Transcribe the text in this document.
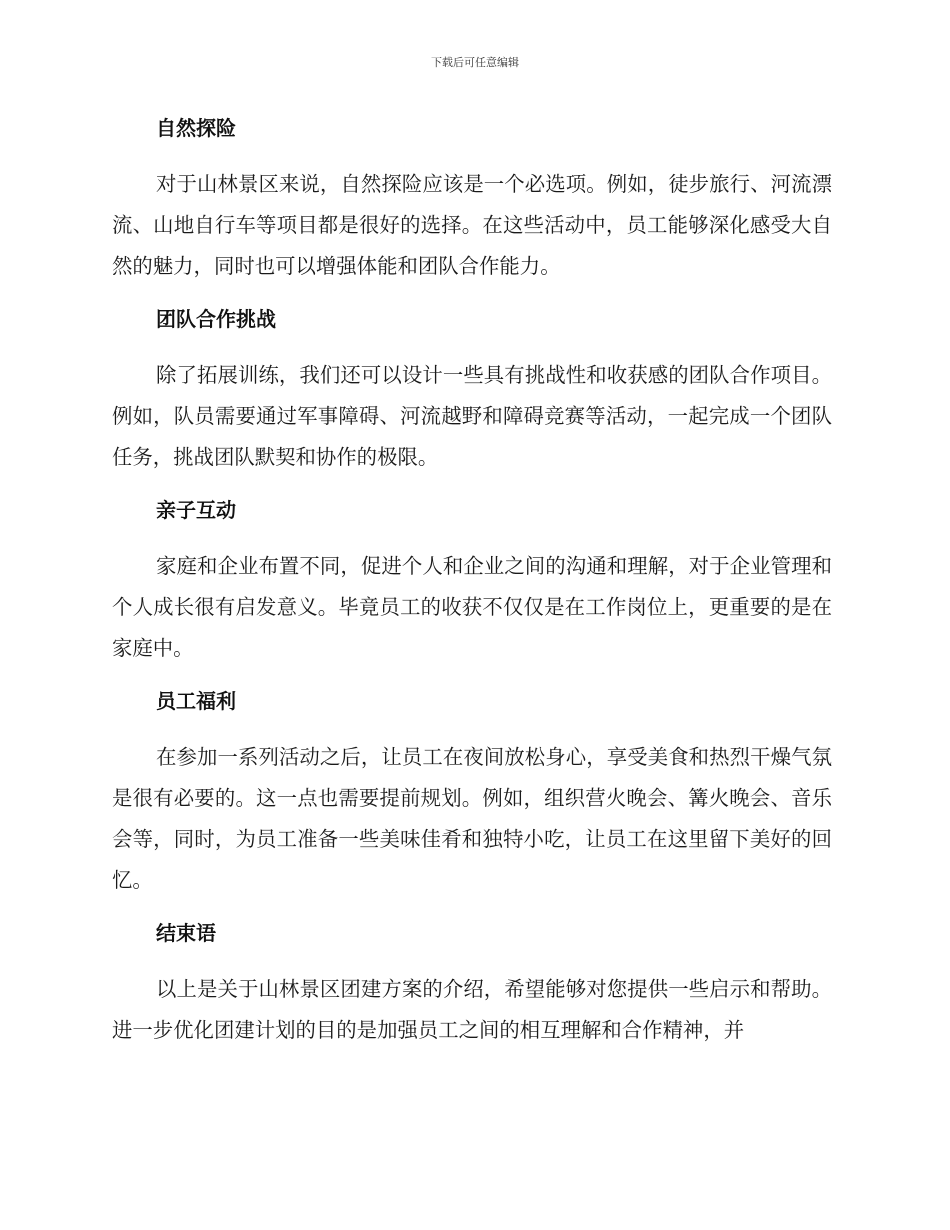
下载后可任意编辑
自然探险

对于山林景区来说，自然探险应该是一个必选项。例如，徒步旅行、河流漂流、山地自行车等项目都是很好的选择。在这些活动中，员工能够深化感受大自然的魅力，同时也可以增强体能和团队合作能力。

团队合作挑战

除了拓展训练，我们还可以设计一些具有挑战性和收获感的团队合作项目。例如，队员需要通过军事障碍、河流越野和障碍竞赛等活动，一起完成一个团队任务，挑战团队默契和协作的极限。

亲子互动

家庭和企业布置不同，促进个人和企业之间的沟通和理解，对于企业管理和个人成长很有启发意义。毕竟员工的收获不仅仅是在工作岗位上，更重要的是在家庭中。

员工福利

在参加一系列活动之后，让员工在夜间放松身心，享受美食和热烈干燥气氛是很有必要的。这一点也需要提前规划。例如，组织营火晚会、篝火晚会、音乐会等，同时，为员工准备一些美味佳肴和独特小吃，让员工在这里留下美好的回忆。

结束语

以上是关于山林景区团建方案的介绍，希望能够对您提供一些启示和帮助。进一步优化团建计划的目的是加强员工之间的相互理解和合作精神，并
